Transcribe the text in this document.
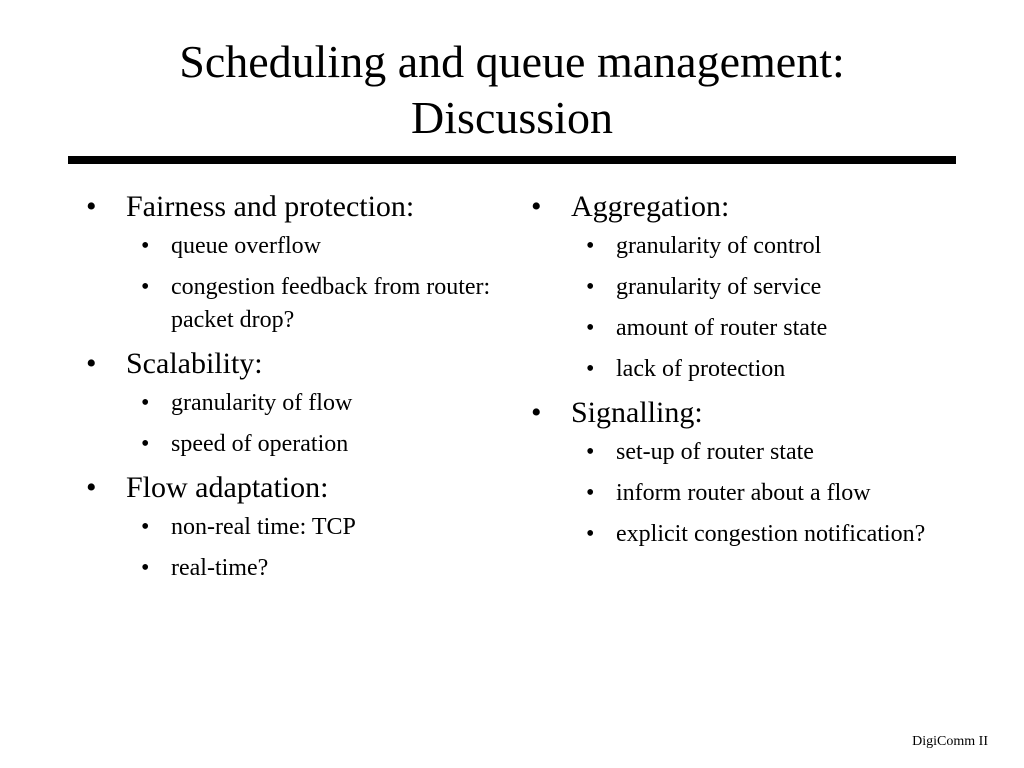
Scheduling and queue management:
Discussion
• Fairness and protection:
• queue overflow
• congestion feedback from router: packet drop?
• Scalability:
• granularity of flow
• speed of operation
• Flow adaptation:
• non-real time: TCP
• real-time?
• Aggregation:
• granularity of control
• granularity of service
• amount of router state
• lack of protection
• Signalling:
• set-up of router state
• inform router about a flow
• explicit congestion notification?
DigiComm II
